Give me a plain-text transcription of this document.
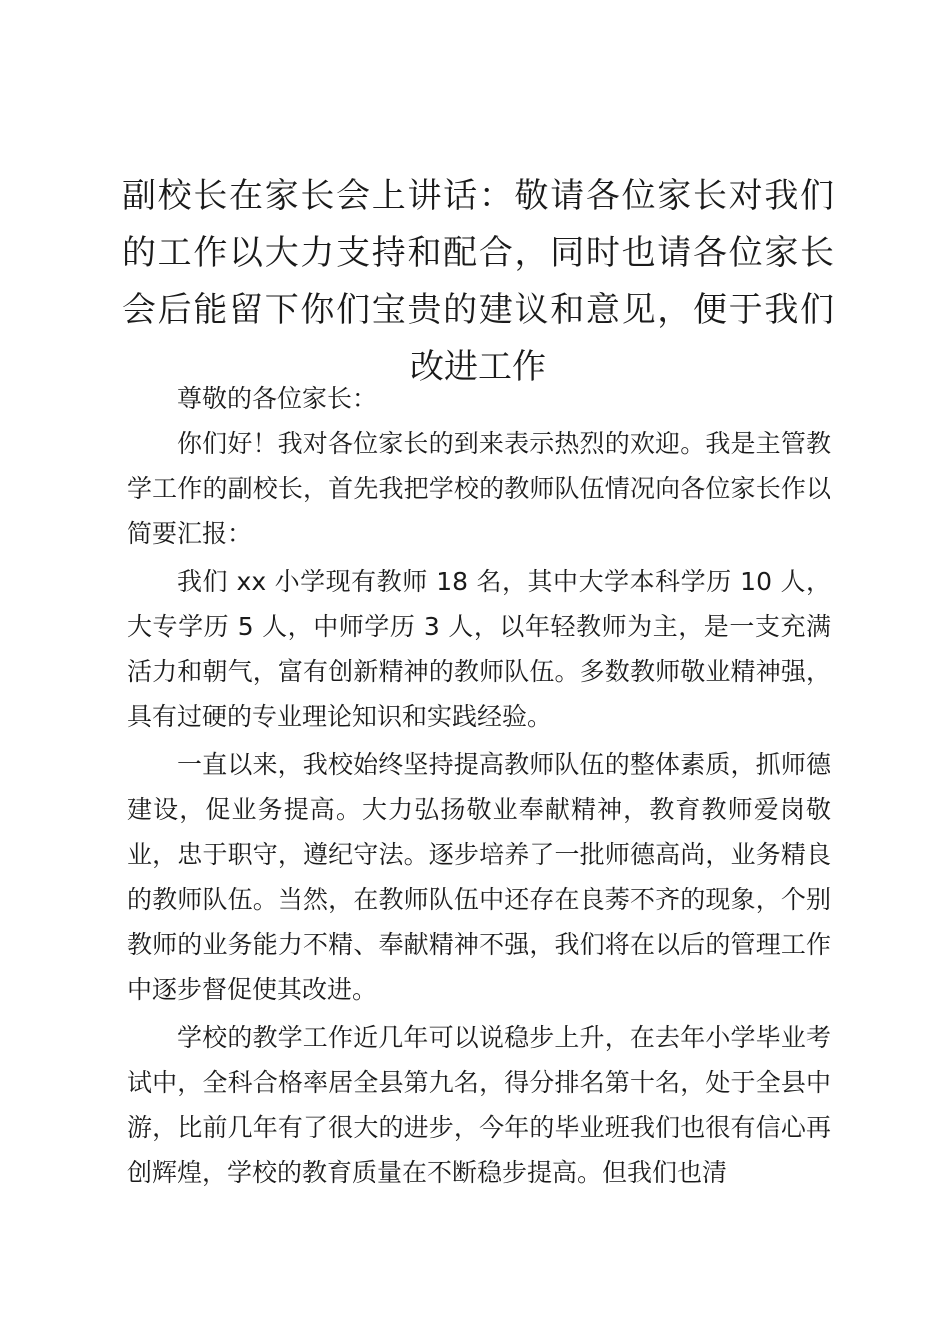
副校长在家长会上讲话：敬请各位家长对我们的工作以大力支持和配合，同时也请各位家长会后能留下你们宝贵的建议和意见，便于我们改进工作

尊敬的各位家长：

你们好！我对各位家长的到来表示热烈的欢迎。我是主管教学工作的副校长，首先我把学校的教师队伍情况向各位家长作以简要汇报：

我们 xx 小学现有教师 18 名，其中大学本科学历 10 人，大专学历 5 人，中师学历 3 人，以年轻教师为主，是一支充满活力和朝气，富有创新精神的教师队伍。多数教师敬业精神强，具有过硬的专业理论知识和实践经验。

一直以来，我校始终坚持提高教师队伍的整体素质，抓师德建设，促业务提高。大力弘扬敬业奉献精神，教育教师爱岗敬业，忠于职守，遵纪守法。逐步培养了一批师德高尚，业务精良的教师队伍。当然，在教师队伍中还存在良莠不齐的现象，个别教师的业务能力不精、奉献精神不强，我们将在以后的管理工作中逐步督促使其改进。

学校的教学工作近几年可以说稳步上升，在去年小学毕业考试中，全科合格率居全县第九名，得分排名第十名，处于全县中游，比前几年有了很大的进步，今年的毕业班我们也很有信心再创辉煌，学校的教育质量在不断稳步提高。但我们也清
